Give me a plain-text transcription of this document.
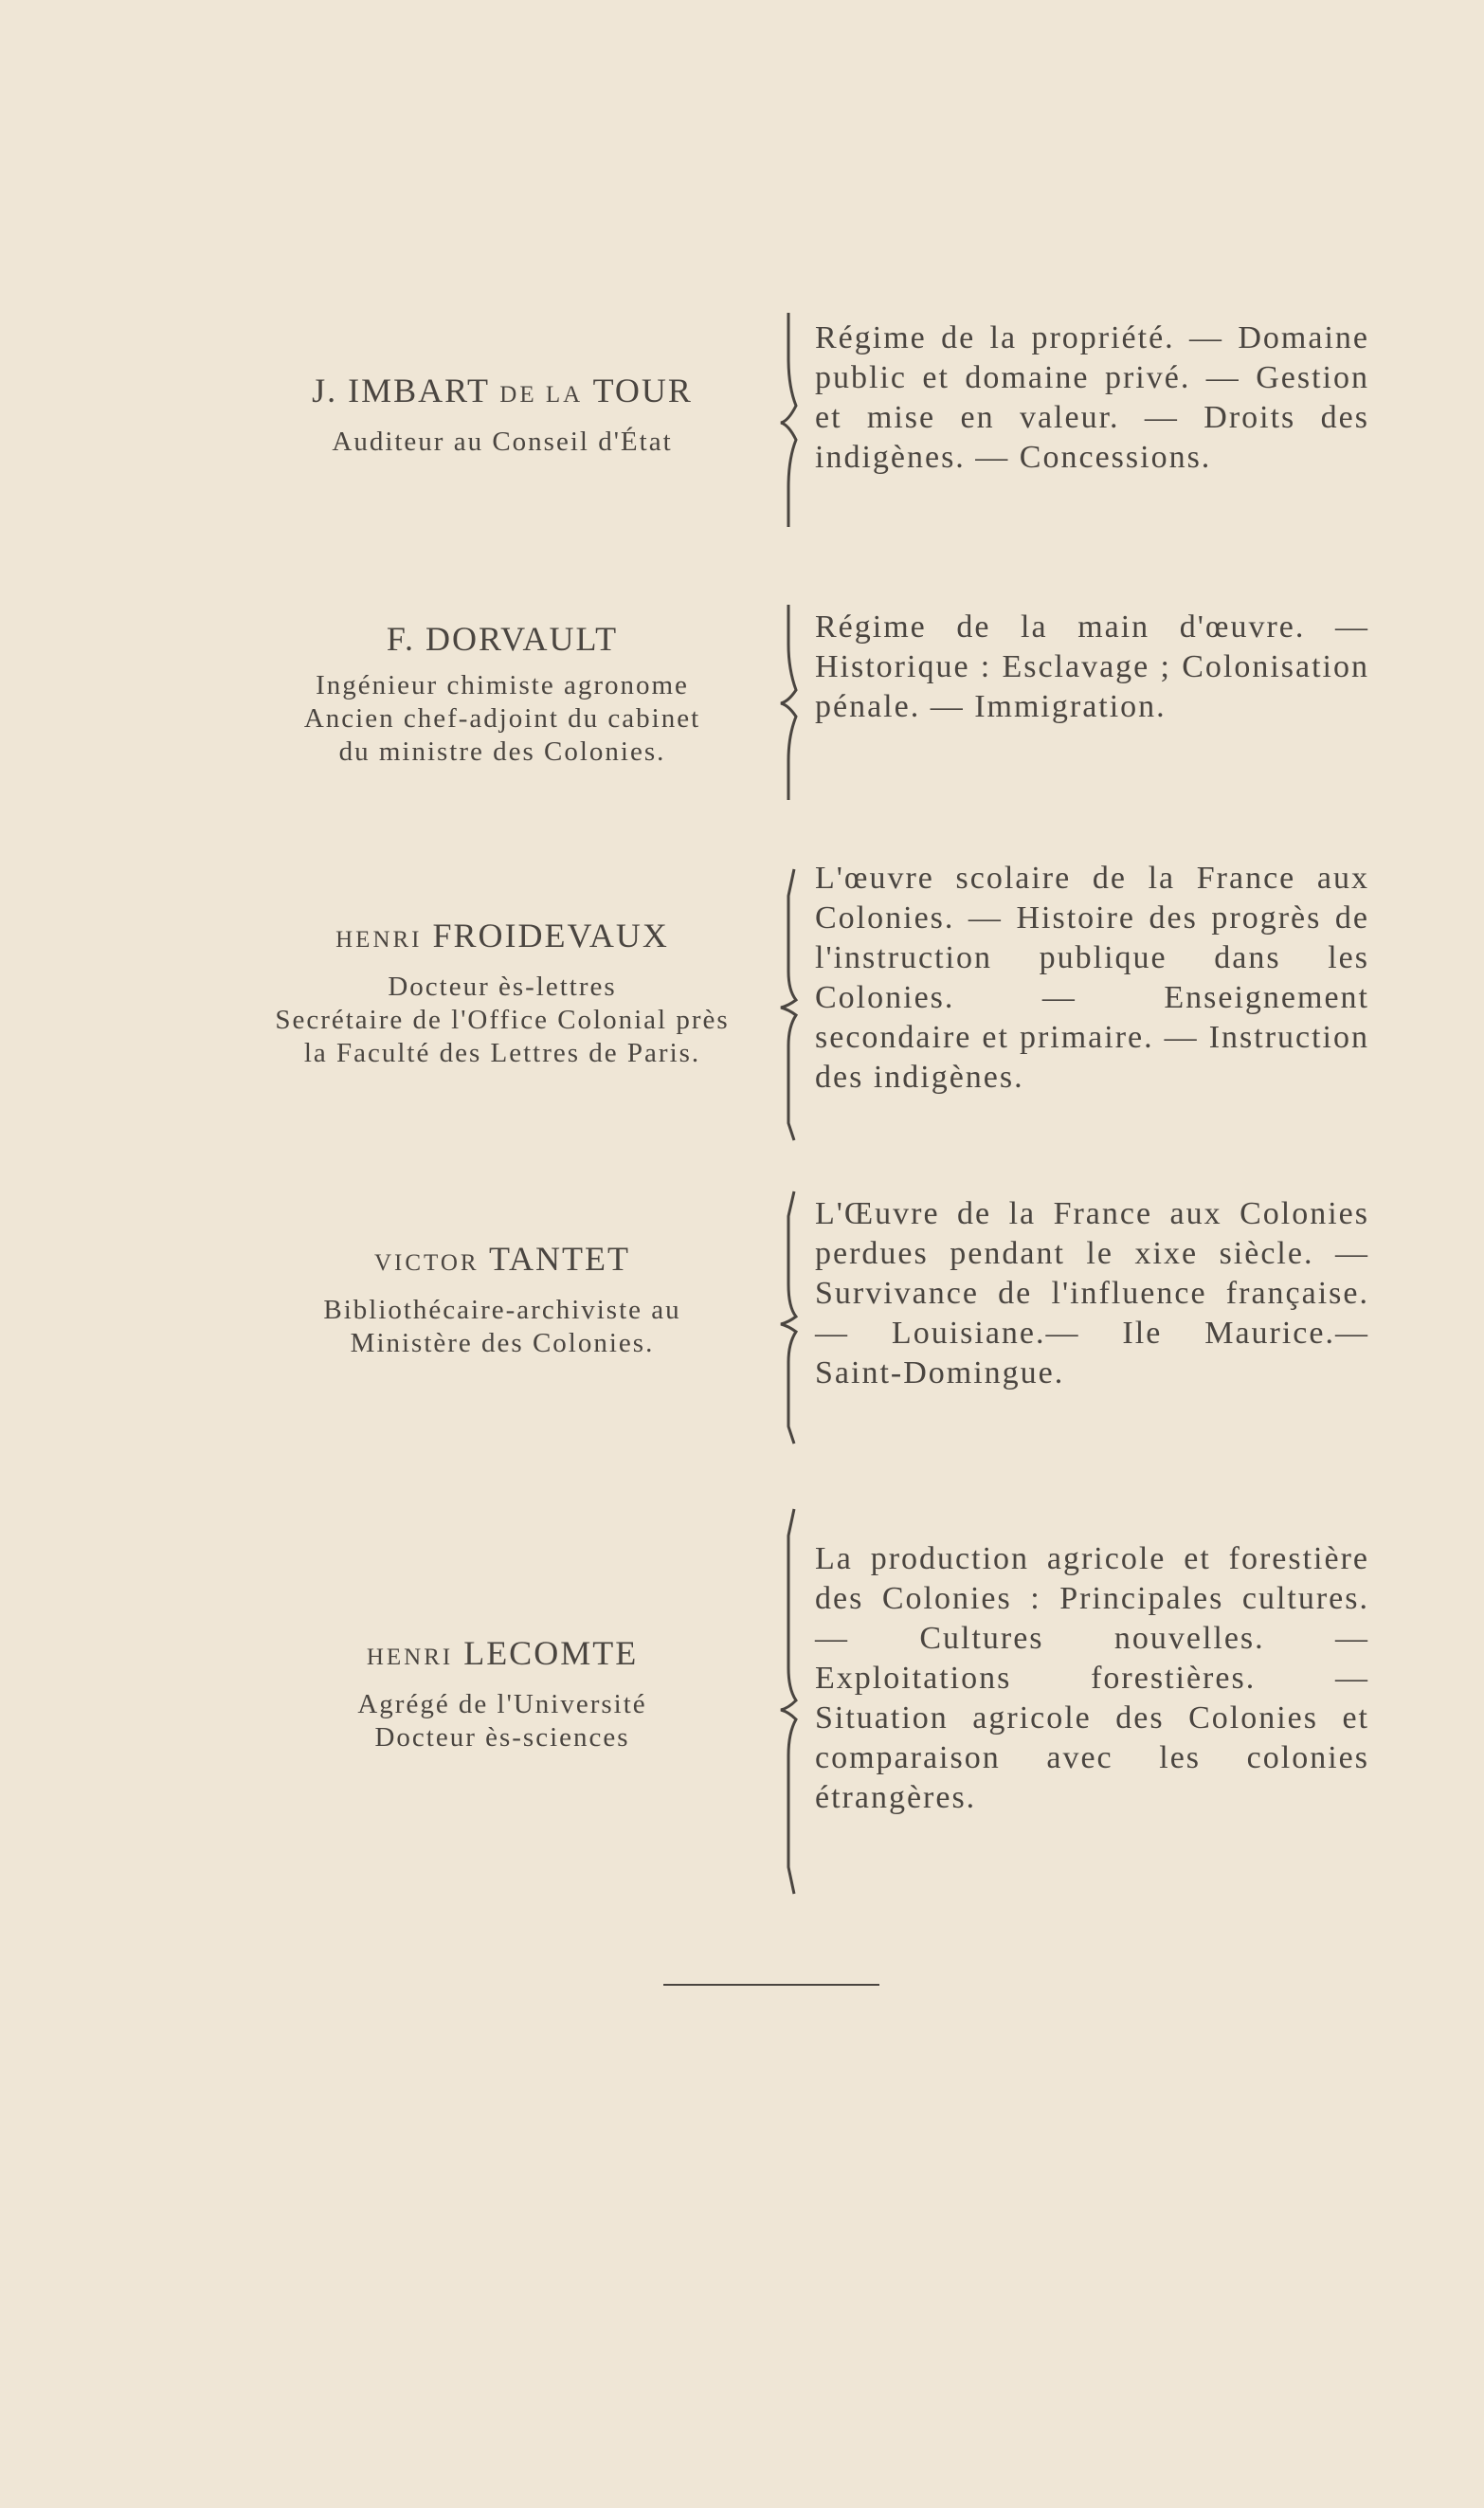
J. IMBART DE LA TOUR
Auditeur au Conseil d'État
Régime de la propriété. — Domaine public et domaine privé. — Gestion et mise en valeur. — Droits des indigènes. — Concessions.
F. DORVAULT
Ingénieur chimiste agronome
Ancien chef-adjoint du cabinet
du ministre des Colonies.
Régime de la main d'œuvre. — Historique : Esclavage ; Colonisation pénale. — Immigration.
HENRI FROIDEVAUX
Docteur ès-lettres
Secrétaire de l'Office Colonial près
la Faculté des Lettres de Paris.
L'œuvre scolaire de la France aux Colonies. — Histoire des progrès de l'instruction publique dans les Colonies. — Enseignement secondaire et primaire. — Instruction des indigènes.
VICTOR TANTET
Bibliothécaire-archiviste au
Ministère des Colonies.
L'Œuvre de la France aux Colonies perdues pendant le xixe siècle. — Survivance de l'influence française. — Louisiane.— Ile Maurice.— Saint-Domingue.
HENRI LECOMTE
Agrégé de l'Université
Docteur ès-sciences
La production agricole et forestière des Colonies : Principales cultures. — Cultures nouvelles. — Exploitations forestières. — Situation agricole des Colonies et comparaison avec les colonies étrangères.
